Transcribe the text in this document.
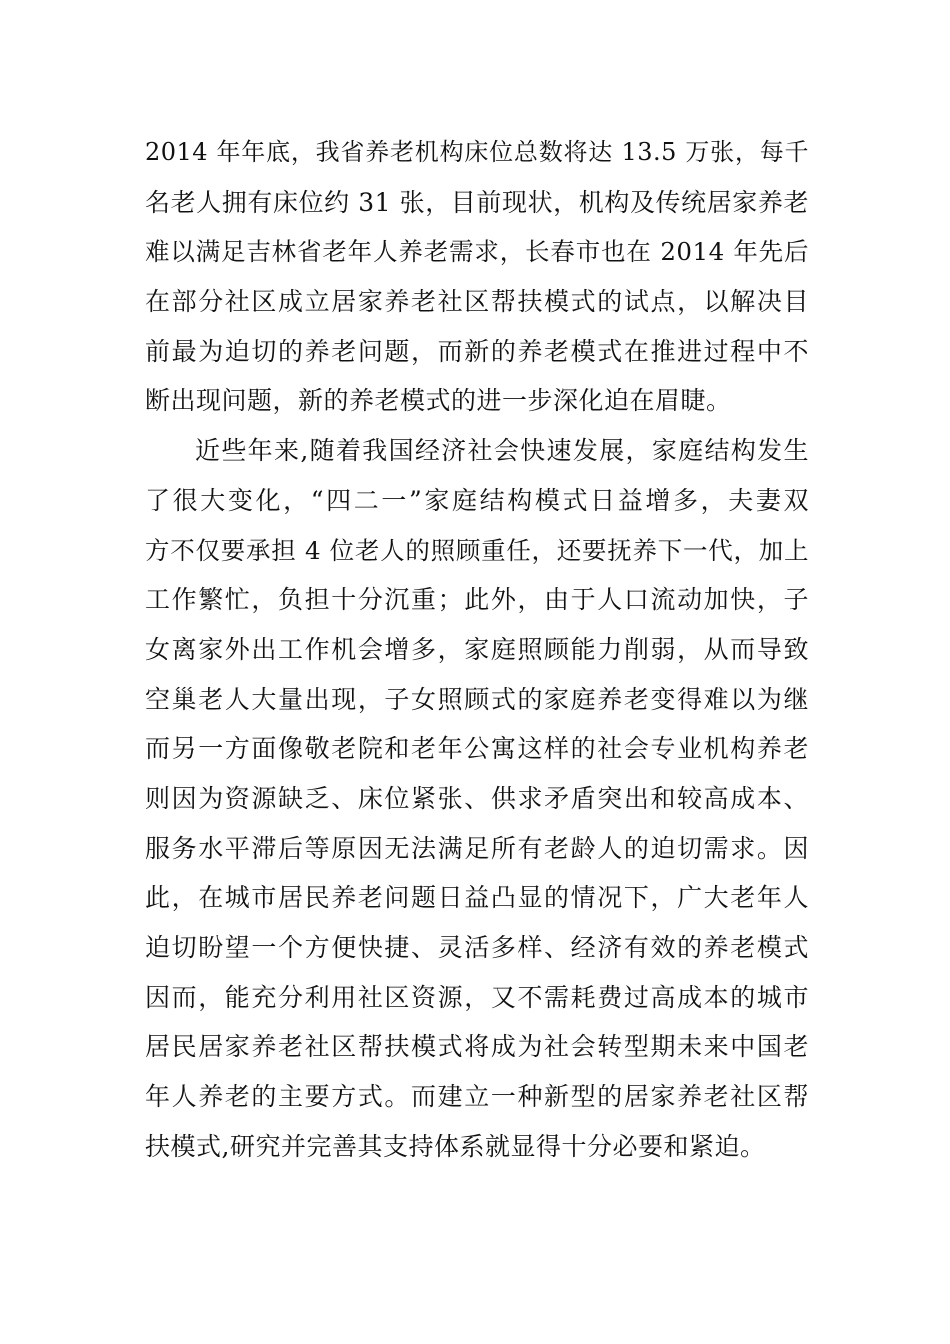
2014 年年底，我省养老机构床位总数将达 13.5 万张，每千
名老人拥有床位约 31 张，目前现状，机构及传统居家养老
难以满足吉林省老年人养老需求，长春市也在 2014 年先后
在部分社区成立居家养老社区帮扶模式的试点，以解决目
前最为迫切的养老问题，而新的养老模式在推进过程中不
断出现问题，新的养老模式的进一步深化迫在眉睫。
近些年来,随着我国经济社会快速发展，家庭结构发生
了很大变化，“四二一”家庭结构模式日益增多，夫妻双
方不仅要承担 4 位老人的照顾重任，还要抚养下一代，加上
工作繁忙，负担十分沉重；此外，由于人口流动加快，子
女离家外出工作机会增多，家庭照顾能力削弱，从而导致
空巢老人大量出现，子女照顾式的家庭养老变得难以为继
而另一方面像敬老院和老年公寓这样的社会专业机构养老
则因为资源缺乏、床位紧张、供求矛盾突出和较高成本、
服务水平滞后等原因无法满足所有老龄人的迫切需求。因
此，在城市居民养老问题日益凸显的情况下，广大老年人
迫切盼望一个方便快捷、灵活多样、经济有效的养老模式
因而，能充分利用社区资源，又不需耗费过高成本的城市
居民居家养老社区帮扶模式将成为社会转型期未来中国老
年人养老的主要方式。而建立一种新型的居家养老社区帮
扶模式,研究并完善其支持体系就显得十分必要和紧迫。
